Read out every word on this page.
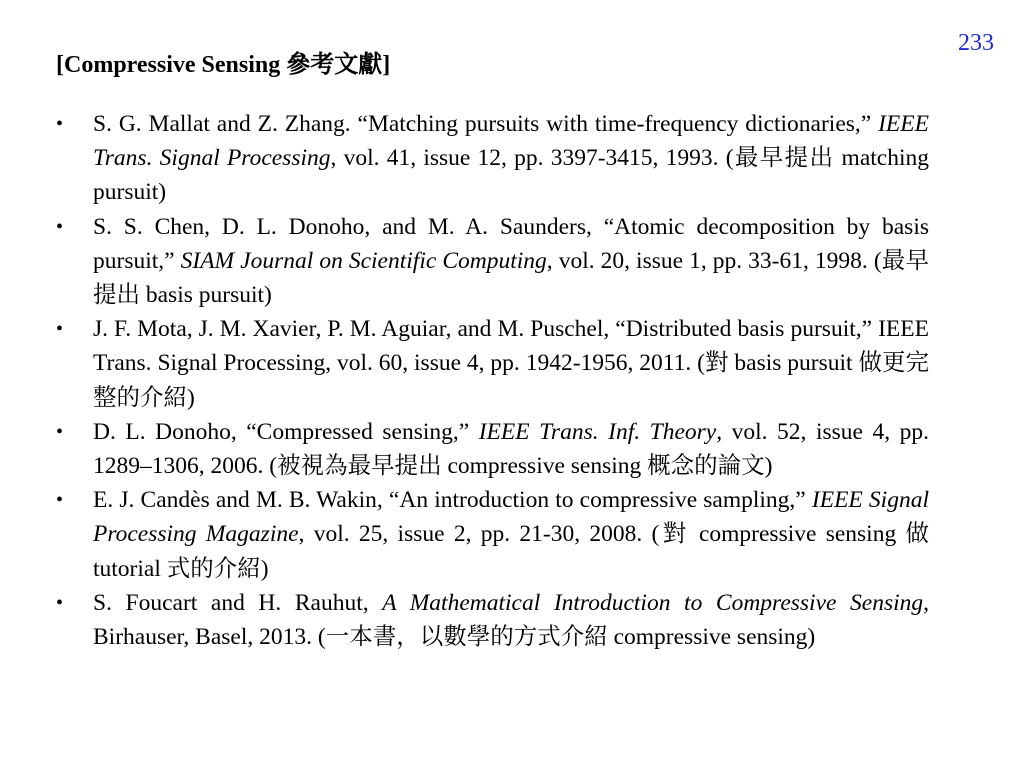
233
[Compressive Sensing 參考文獻]
• S. G. Mallat and Z. Zhang. “Matching pursuits with time-frequency dictionaries,” IEEE Trans. Signal Processing, vol. 41, issue 12, pp. 3397-3415, 1993. (最早提出 matching pursuit)
• S. S. Chen, D. L. Donoho, and M. A. Saunders, “Atomic decomposition by basis pursuit,” SIAM Journal on Scientific Computing, vol. 20, issue 1, pp. 33-61, 1998. (最早提出 basis pursuit)
• J. F. Mota, J. M. Xavier, P. M. Aguiar, and M. Puschel, “Distributed basis pursuit,” IEEE Trans. Signal Processing, vol. 60, issue 4, pp. 1942-1956, 2011. (對 basis pursuit 做更完整的介紹)
• D. L. Donoho, “Compressed sensing,” IEEE Trans. Inf. Theory, vol. 52, issue 4, pp. 1289–1306, 2006. (被視為最早提出 compressive sensing 概念的論文)
• E. J. Candès and M. B. Wakin, “An introduction to compressive sampling,” IEEE Signal Processing Magazine, vol. 25, issue 2, pp. 21-30, 2008. (對 compressive sensing 做 tutorial 式的介紹)
• S. Foucart and H. Rauhut, A Mathematical Introduction to Compressive Sensing, Birhauser, Basel, 2013. (一本書，以數學的方式介紹 compressive sensing)
